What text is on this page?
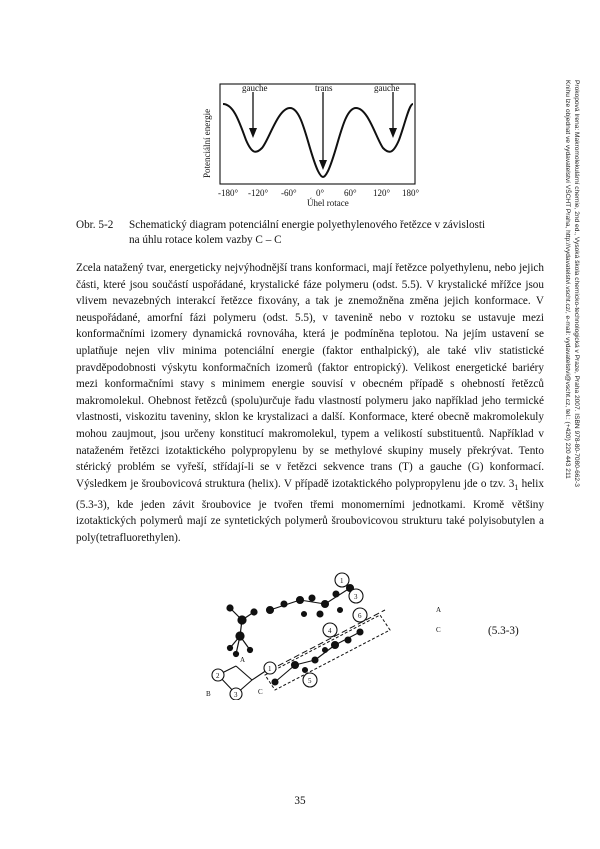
gauche	trans	gauche
Potenciální energie
-180° -120° -60° 0° 60° 120° 180°
Úhel rotace
Obr. 5-2	Schematický diagram potenciální energie polyethylenového řetězce v závislosti
na úhlu rotace kolem vazby C – C

Zcela natažený tvar, energeticky nejvýhodnější trans konformaci, mají řetězce polyethylenu, nebo jejich části, které jsou součástí uspořádané, krystalické fáze polymeru (odst. 5.5). V krystalické mřížce jsou vlivem nevazebných interakcí řetězce fixovány, a tak je znemožněna změna jejich konformace. V neuspořádané, amorfní fázi polymeru (odst. 5.5), v tavenině nebo v roztoku se ustavuje mezi konformačními izomery dynamická rovnováha, která je podmíněna teplotou. Na jejím ustavení se uplatňuje nejen vliv minima potenciální energie (faktor enthalpický), ale také vliv statistické pravděpodobnosti výskytu konformačních izomerů (faktor entropický). Velikost energetické bariéry mezi konformačními stavy s minimem energie souvisí v obecném případě s ohebností řetězců makromolekul. Ohebnost řetězců (spolu)určuje řadu vlastností polymeru jako například jeho termické vlastnosti, viskozitu taveniny, sklon ke krystalizaci a další. Konformace, které obecně makromolekuly mohou zaujmout, jsou určeny konstitucí makromolekul, typem a velikostí substituentů. Například v nataženém řetězci izotaktického polypropylenu by se methylové skupiny musely překrývat. Tento stérický problém se vyřeší, střídají-li se v řetězci sekvence trans (T) a gauche (G) konformací. Výsledkem je šroubovicová struktura (helix). V případě izotaktického polypropylenu jde o tzv. $3_1$ helix (5.3-3), kde jeden závit šroubovice je tvořen třemi monomerními jednotkami. Kromě většiny izotaktických polymerů mají ze syntetických polymerů šroubovicovou strukturu také polyisobutylen a poly(tetrafluorethylen).

A
B	C
A
C
2
3
1
1
3
4
5
6
(5.3-3)
35
Prokopová Irena: Makromolekulární chemie, 2nd ed., Vysoká škola chemicko-technologická v Praze, Praha 2007. ISBN 978-80-7080-662-3
Knihu lze objednat ve vydavatelství VŠCHT Praha, http://vydavatelstvi.vscht.cz/, e-mail: vydavatelstvi@vscht.cz, tel.: (+420) 220 443 211
